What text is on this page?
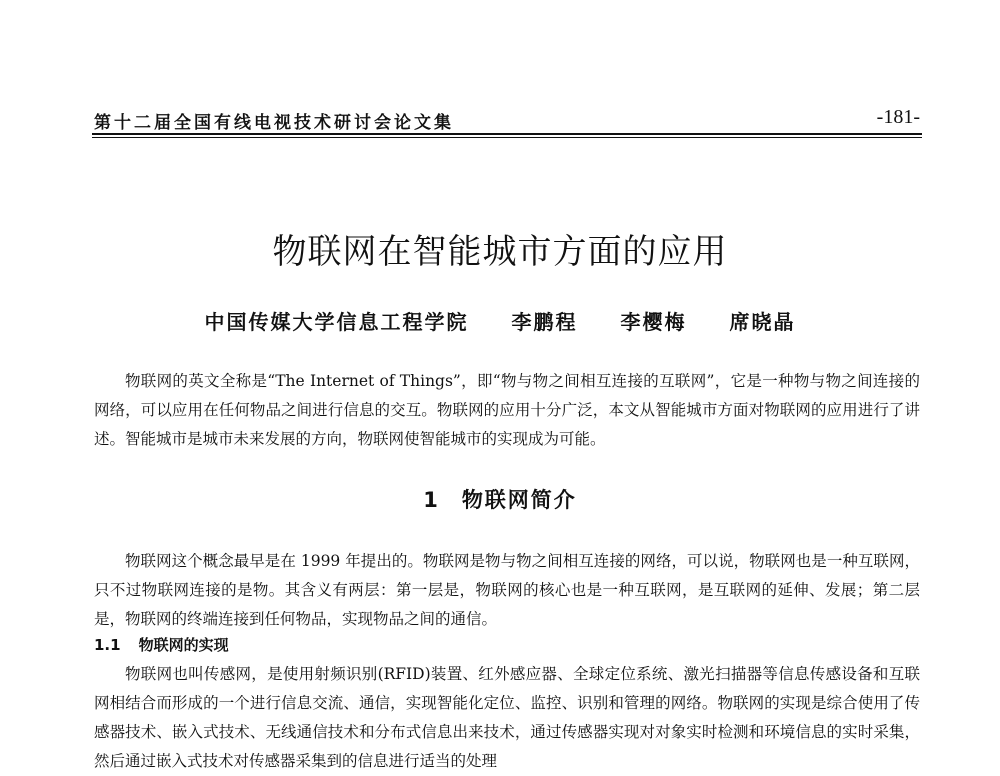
第十二届全国有线电视技术研讨会论文集	-181-
物联网在智能城市方面的应用
中国传媒大学信息工程学院 李鹏程 李樱梅 席晓晶

物联网的英文全称是“The Internet of Things”，即“物与物之间相互连接的互联网”，它是一种物与物之间连接的网络，可以应用在任何物品之间进行信息的交互。物联网的应用十分广泛，本文从智能城市方面对物联网的应用进行了讲述。智能城市是城市未来发展的方向，物联网使智能城市的实现成为可能。

1 物联网简介

物联网这个概念最早是在 1999 年提出的。物联网是物与物之间相互连接的网络，可以说，物联网也是一种互联网，只不过物联网连接的是物。其含义有两层：第一层是，物联网的核心也是一种互联网，是互联网的延伸、发展；第二层是，物联网的终端连接到任何物品，实现物品之间的通信。

1.1 物联网的实现

物联网也叫传感网，是使用射频识别(RFID)装置、红外感应器、全球定位系统、激光扫描器等信息传感设备和互联网相结合而形成的一个进行信息交流、通信，实现智能化定位、监控、识别和管理的网络。物联网的实现是综合使用了传感器技术、嵌入式技术、无线通信技术和分布式信息出来技术，通过传感器实现对对象实时检测和环境信息的实时采集，然后通过嵌入式技术对传感器采集到的信息进行适当的处理
